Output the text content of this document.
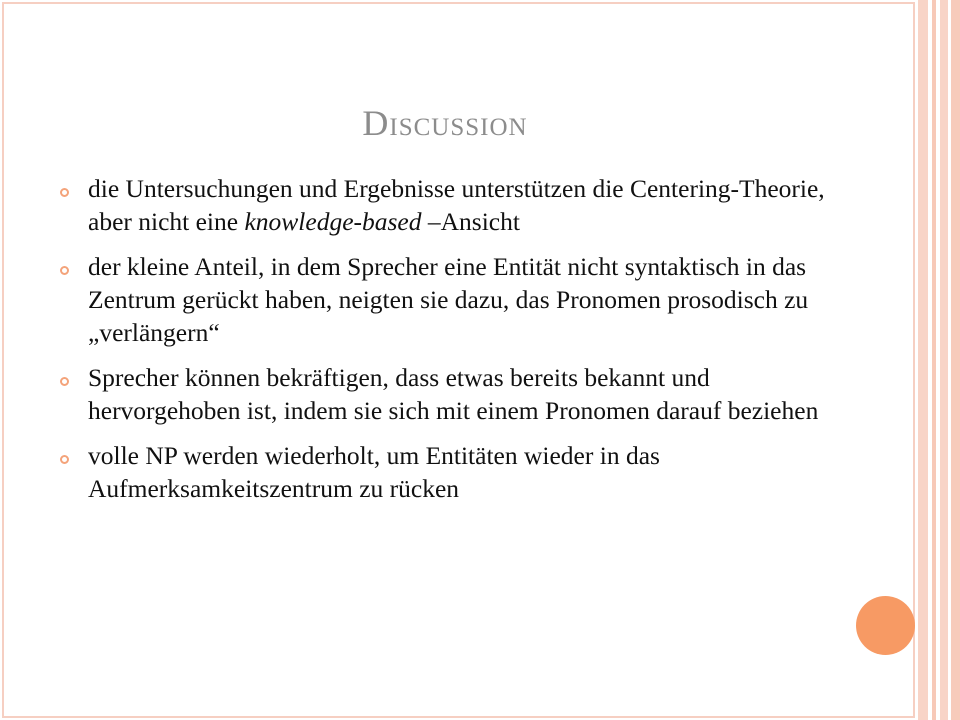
Discussion
die Untersuchungen und Ergebnisse unterstützen die Centering-Theorie, aber nicht eine knowledge-based –Ansicht
der kleine Anteil, in dem Sprecher eine Entität nicht syntaktisch in das Zentrum gerückt haben, neigten sie dazu, das Pronomen prosodisch zu „verlängern“
Sprecher können bekräftigen, dass etwas bereits bekannt und hervorgehoben ist, indem sie sich mit einem Pronomen darauf beziehen
volle NP werden wiederholt, um Entitäten wieder in das Aufmerksamkeitszentrum zu rücken
